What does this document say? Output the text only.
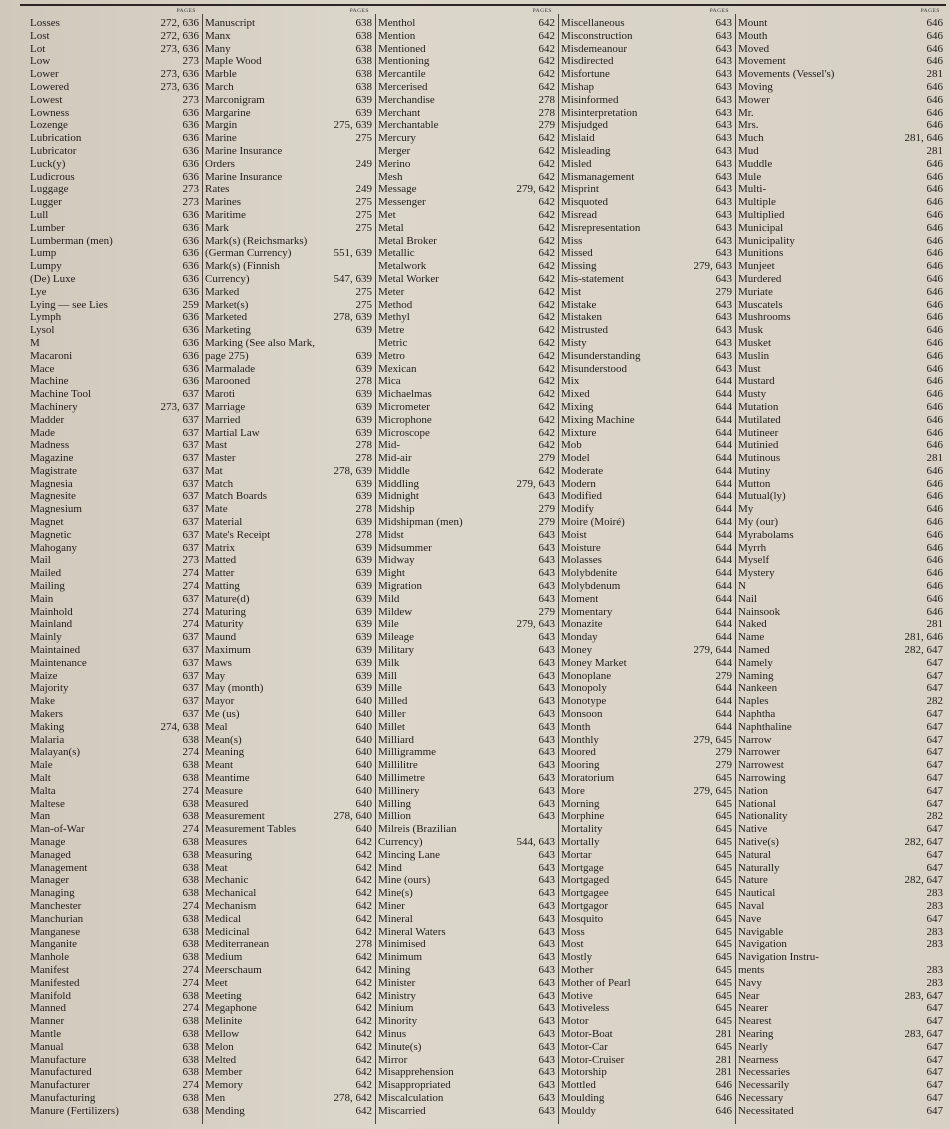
PAGES
Losses	272, 636
Lost	272, 636
Lot	273, 636
Low	273
Lower	273, 636
Lowered	273, 636
Lowest	273
Lowness	636
Lozenge	636
Lubrication	636
Lubricator	636
Luck(y)	636
Ludicrous	636
Luggage	273
Lugger	273
Lull	636
Lumber	636
Lumberman (men)	636
Lump	636
Lumpy	636
(De) Luxe	636
Lye	636
Lying — see Lies	259
Lymph	636
Lysol	636
M	636
Macaroni	636
Mace	636
Machine	636
Machine Tool	637
Machinery	273, 637
Madder	637
Made	637
Madness	637
Magazine	637
Magistrate	637
Magnesia	637
Magnesite	637
Magnesium	637
Magnet	637
Magnetic	637
Mahogany	637
Mail	273
Mailed	274
Mailing	274
Main	637
Mainhold	274
Mainland	274
Mainly	637
Maintained	637
Maintenance	637
Maize	637
Majority	637
Make	637
Makers	637
Making	274, 638
Malaria	638
Malayan(s)	274
Male	638
Malt	638
Malta	274
Maltese	638
Man	638
Man-of-War	274
Manage	638
Managed	638
Management	638
Manager	638
Managing	638
Manchester	274
Manchurian	638
Manganese	638
Manganite	638
Manhole	638
Manifest	274
Manifested	274
Manifold	638
Manned	274
Manner	638
Mantle	638
Manual	638
Manufacture	638
Manufactured	638
Manufacturer	274
Manufacturing	638
Manure (Fertilizers)	638
PAGES
Manuscript	638
Manx	638
Many	638
Maple Wood	638
Marble	638
March	638
Marconigram	639
Margarine	639
Margin	275, 639
Marine	275
Marine Insurance
Orders	249
Marine Insurance
Rates	249
Marines	275
Maritime	275
Mark	275
Mark(s) (Reichsmarks)
(German Currency)	551, 639
Mark(s) (Finnish
Currency)	547, 639
Marked	275
Market(s)	275
Marketed	278, 639
Marketing	639
Marking (See also Mark,
page 275)	639
Marmalade	639
Marooned	278
Maroti	639
Marriage	639
Married	639
Martial Law	639
Mast	278
Master	278
Mat	278, 639
Match	639
Match Boards	639
Mate	278
Material	639
Mate's Receipt	278
Matrix	639
Matted	639
Matter	639
Matting	639
Mature(d)	639
Maturing	639
Maturity	639
Maund	639
Maximum	639
Maws	639
May	639
May (month)	639
Mayor	640
Me (us)	640
Meal	640
Mean(s)	640
Meaning	640
Meant	640
Meantime	640
Measure	640
Measured	640
Measurement	278, 640
Measurement Tables	640
Measures	642
Measuring	642
Meat	642
Mechanic	642
Mechanical	642
Mechanism	642
Medical	642
Medicinal	642
Mediterranean	278
Medium	642
Meerschaum	642
Meet	642
Meeting	642
Megaphone	642
Melinite	642
Mellow	642
Melon	642
Melted	642
Member	642
Memory	642
Men	278, 642
Mending	642
PAGES
Menthol	642
Mention	642
Mentioned	642
Mentioning	642
Mercantile	642
Mercerised	642
Merchandise	278
Merchant	278
Merchantable	279
Mercury	642
Merger	642
Merino	642
Mesh	642
Message	279, 642
Messenger	642
Met	642
Metal	642
Metal Broker	642
Metallic	642
Metalwork	642
Metal Worker	642
Meter	642
Method	642
Methyl	642
Metre	642
Metric	642
Metro	642
Mexican	642
Mica	642
Michaelmas	642
Micrometer	642
Microphone	642
Microscope	642
Mid-	642
Mid-air	279
Middle	642
Middling	279, 643
Midnight	643
Midship	279
Midshipman (men)	279
Midst	643
Midsummer	643
Midway	643
Might	643
Migration	643
Mild	643
Mildew	279
Mile	279, 643
Mileage	643
Military	643
Milk	643
Mill	643
Mille	643
Milled	643
Miller	643
Millet	643
Milliard	643
Milligramme	643
Millilitre	643
Millimetre	643
Millinery	643
Milling	643
Million	643
Milreis (Brazilian
Currency)	544, 643
Mincing Lane	643
Mind	643
Mine (ours)	643
Mine(s)	643
Miner	643
Mineral	643
Mineral Waters	643
Minimised	643
Minimum	643
Mining	643
Minister	643
Ministry	643
Minium	643
Minority	643
Minus	643
Minute(s)	643
Mirror	643
Misapprehension	643
Misappropriated	643
Miscalculation	643
Miscarried	643
PAGES
Miscellaneous	643
Misconstruction	643
Misdemeanour	643
Misdirected	643
Misfortune	643
Mishap	643
Misinformed	643
Misinterpretation	643
Misjudged	643
Mislaid	643
Misleading	643
Misled	643
Mismanagement	643
Misprint	643
Misquoted	643
Misread	643
Misrepresentation	643
Miss	643
Missed	643
Missing	279, 643
Mis-statement	643
Mist	279
Mistake	643
Mistaken	643
Mistrusted	643
Misty	643
Misunderstanding	643
Misunderstood	643
Mix	644
Mixed	644
Mixing	644
Mixing Machine	644
Mixture	644
Mob	644
Model	644
Moderate	644
Modern	644
Modified	644
Modify	644
Moire (Moiré)	644
Moist	644
Moisture	644
Molasses	644
Molybdenite	644
Molybdenum	644
Moment	644
Momentary	644
Monazite	644
Monday	644
Money	279, 644
Money Market	644
Monoplane	279
Monopoly	644
Monotype	644
Monsoon	644
Month	644
Monthly	279, 645
Moored	279
Mooring	279
Moratorium	645
More	279, 645
Morning	645
Morphine	645
Mortality	645
Mortally	645
Mortar	645
Mortgage	645
Mortgaged	645
Mortgagee	645
Mortgagor	645
Mosquito	645
Moss	645
Most	645
Mostly	645
Mother	645
Mother of Pearl	645
Motive	645
Motiveless	645
Motor	645
Motor-Boat	281
Motor-Car	645
Motor-Cruiser	281
Motorship	281
Mottled	646
Moulding	646
Mouldy	646
PAGES
Mount	646
Mouth	646
Moved	646
Movement	646
Movements (Vessel's)	281
Moving	646
Mower	646
Mr.	646
Mrs.	646
Much	281, 646
Mud	281
Muddle	646
Mule	646
Multi-	646
Multiple	646
Multiplied	646
Municipal	646
Municipality	646
Munitions	646
Munjeet	646
Murdered	646
Muriate	646
Muscatels	646
Mushrooms	646
Musk	646
Musket	646
Muslin	646
Must	646
Mustard	646
Musty	646
Mutation	646
Mutilated	646
Mutineer	646
Mutinied	646
Mutinous	281
Mutiny	646
Mutton	646
Mutual(ly)	646
My	646
My (our)	646
Myrabolams	646
Myrrh	646
Myself	646
Mystery	646
N	646
Nail	646
Nainsook	646
Naked	281
Name	281, 646
Named	282, 647
Namely	647
Naming	647
Nankeen	647
Naples	282
Naphtha	647
Naphthaline	647
Narrow	647
Narrower	647
Narrowest	647
Narrowing	647
Nation	647
National	647
Nationality	282
Native	647
Native(s)	282, 647
Natural	647
Naturally	647
Nature	282, 647
Nautical	283
Naval	283
Nave	647
Navigable	283
Navigation	283
Navigation Instru-
ments	283
Navy	283
Near	283, 647
Nearer	647
Nearest	647
Nearing	283, 647
Nearly	647
Nearness	647
Necessaries	647
Necessarily	647
Necessary	647
Necessitated	647
